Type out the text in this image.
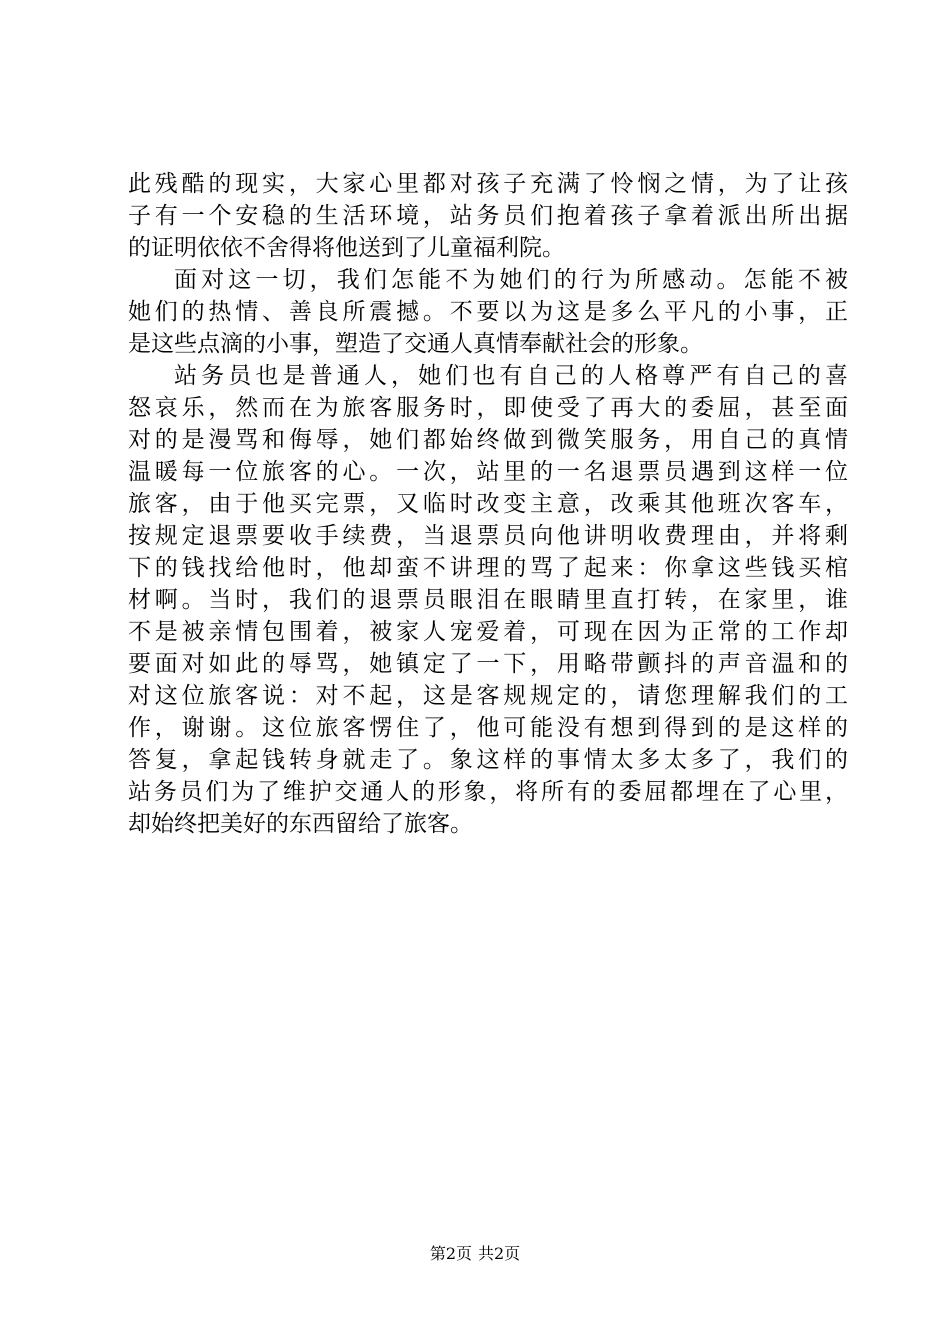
此残酷的现实，大家心里都对孩子充满了怜悯之情，为了让孩
子有一个安稳的生活环境，站务员们抱着孩子拿着派出所出据
的证明依依不舍得将他送到了儿童福利院。
面对这一切，我们怎能不为她们的行为所感动。怎能不被
她们的热情、善良所震撼。不要以为这是多么平凡的小事，正
是这些点滴的小事，塑造了交通人真情奉献社会的形象。
站务员也是普通人，她们也有自己的人格尊严有自己的喜
怒哀乐，然而在为旅客服务时，即使受了再大的委屈，甚至面
对的是漫骂和侮辱，她们都始终做到微笑服务，用自己的真情
温暖每一位旅客的心。一次，站里的一名退票员遇到这样一位
旅客，由于他买完票，又临时改变主意，改乘其他班次客车，
按规定退票要收手续费，当退票员向他讲明收费理由，并将剩
下的钱找给他时，他却蛮不讲理的骂了起来：你拿这些钱买棺
材啊。当时，我们的退票员眼泪在眼睛里直打转，在家里，谁
不是被亲情包围着，被家人宠爱着，可现在因为正常的工作却
要面对如此的辱骂，她镇定了一下，用略带颤抖的声音温和的
对这位旅客说：对不起，这是客规规定的，请您理解我们的工
作，谢谢。这位旅客愣住了，他可能没有想到得到的是这样的
答复，拿起钱转身就走了。象这样的事情太多太多了，我们的
站务员们为了维护交通人的形象，将所有的委屈都埋在了心里，
却始终把美好的东西留给了旅客。
第2页 共2页
